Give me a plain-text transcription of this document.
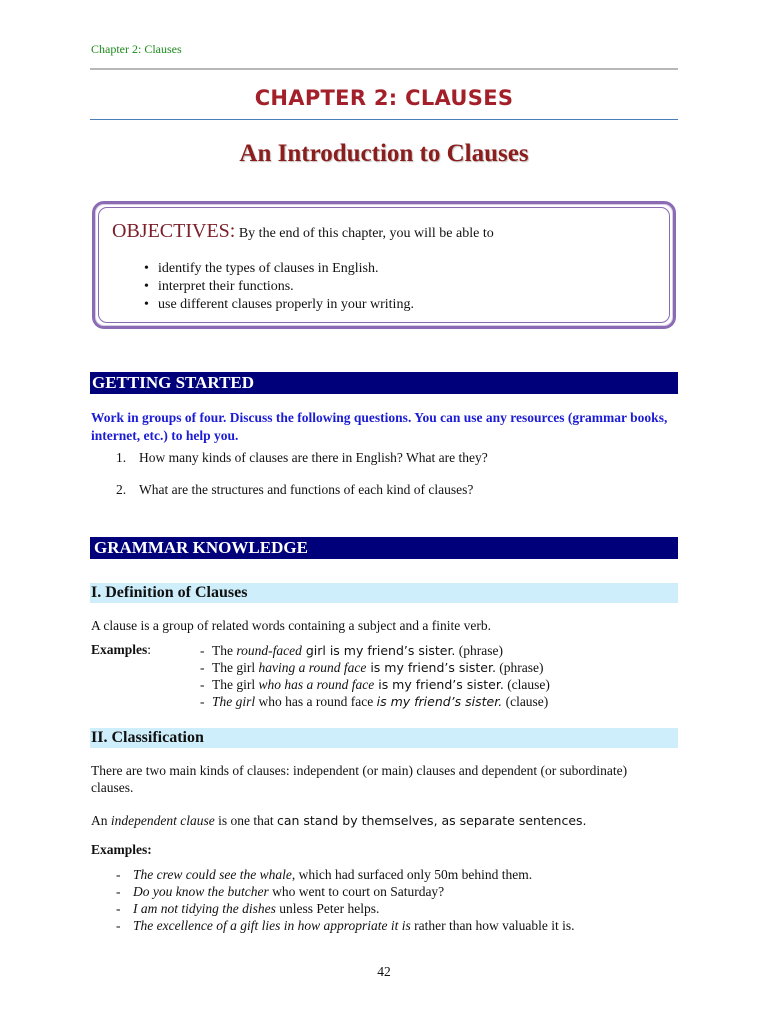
Chapter 2: Clauses
CHAPTER 2: CLAUSES
An Introduction to Clauses
OBJECTIVES: By the end of this chapter, you will be able to
• identify the types of clauses in English.
• interpret their functions.
• use different clauses properly in your writing.
GETTING STARTED
Work in groups of four. Discuss the following questions. You can use any resources (grammar books, internet, etc.) to help you.
1. How many kinds of clauses are there in English? What are they?
2. What are the structures and functions of each kind of clauses?
GRAMMAR KNOWLEDGE
I. Definition of Clauses
A clause is a group of related words containing a subject and a finite verb.
Examples:	- The round-faced girl is my friend’s sister. (phrase)
- The girl having a round face is my friend’s sister. (phrase)
- The girl who has a round face is my friend’s sister. (clause)
- The girl who has a round face is my friend’s sister. (clause)
II. Classification
There are two main kinds of clauses: independent (or main) clauses and dependent (or subordinate) clauses.
An independent clause is one that can stand by themselves, as separate sentences.
Examples:
- The crew could see the whale, which had surfaced only 50m behind them.
- Do you know the butcher who went to court on Saturday?
- I am not tidying the dishes unless Peter helps.
- The excellence of a gift lies in how appropriate it is rather than how valuable it is.
42
